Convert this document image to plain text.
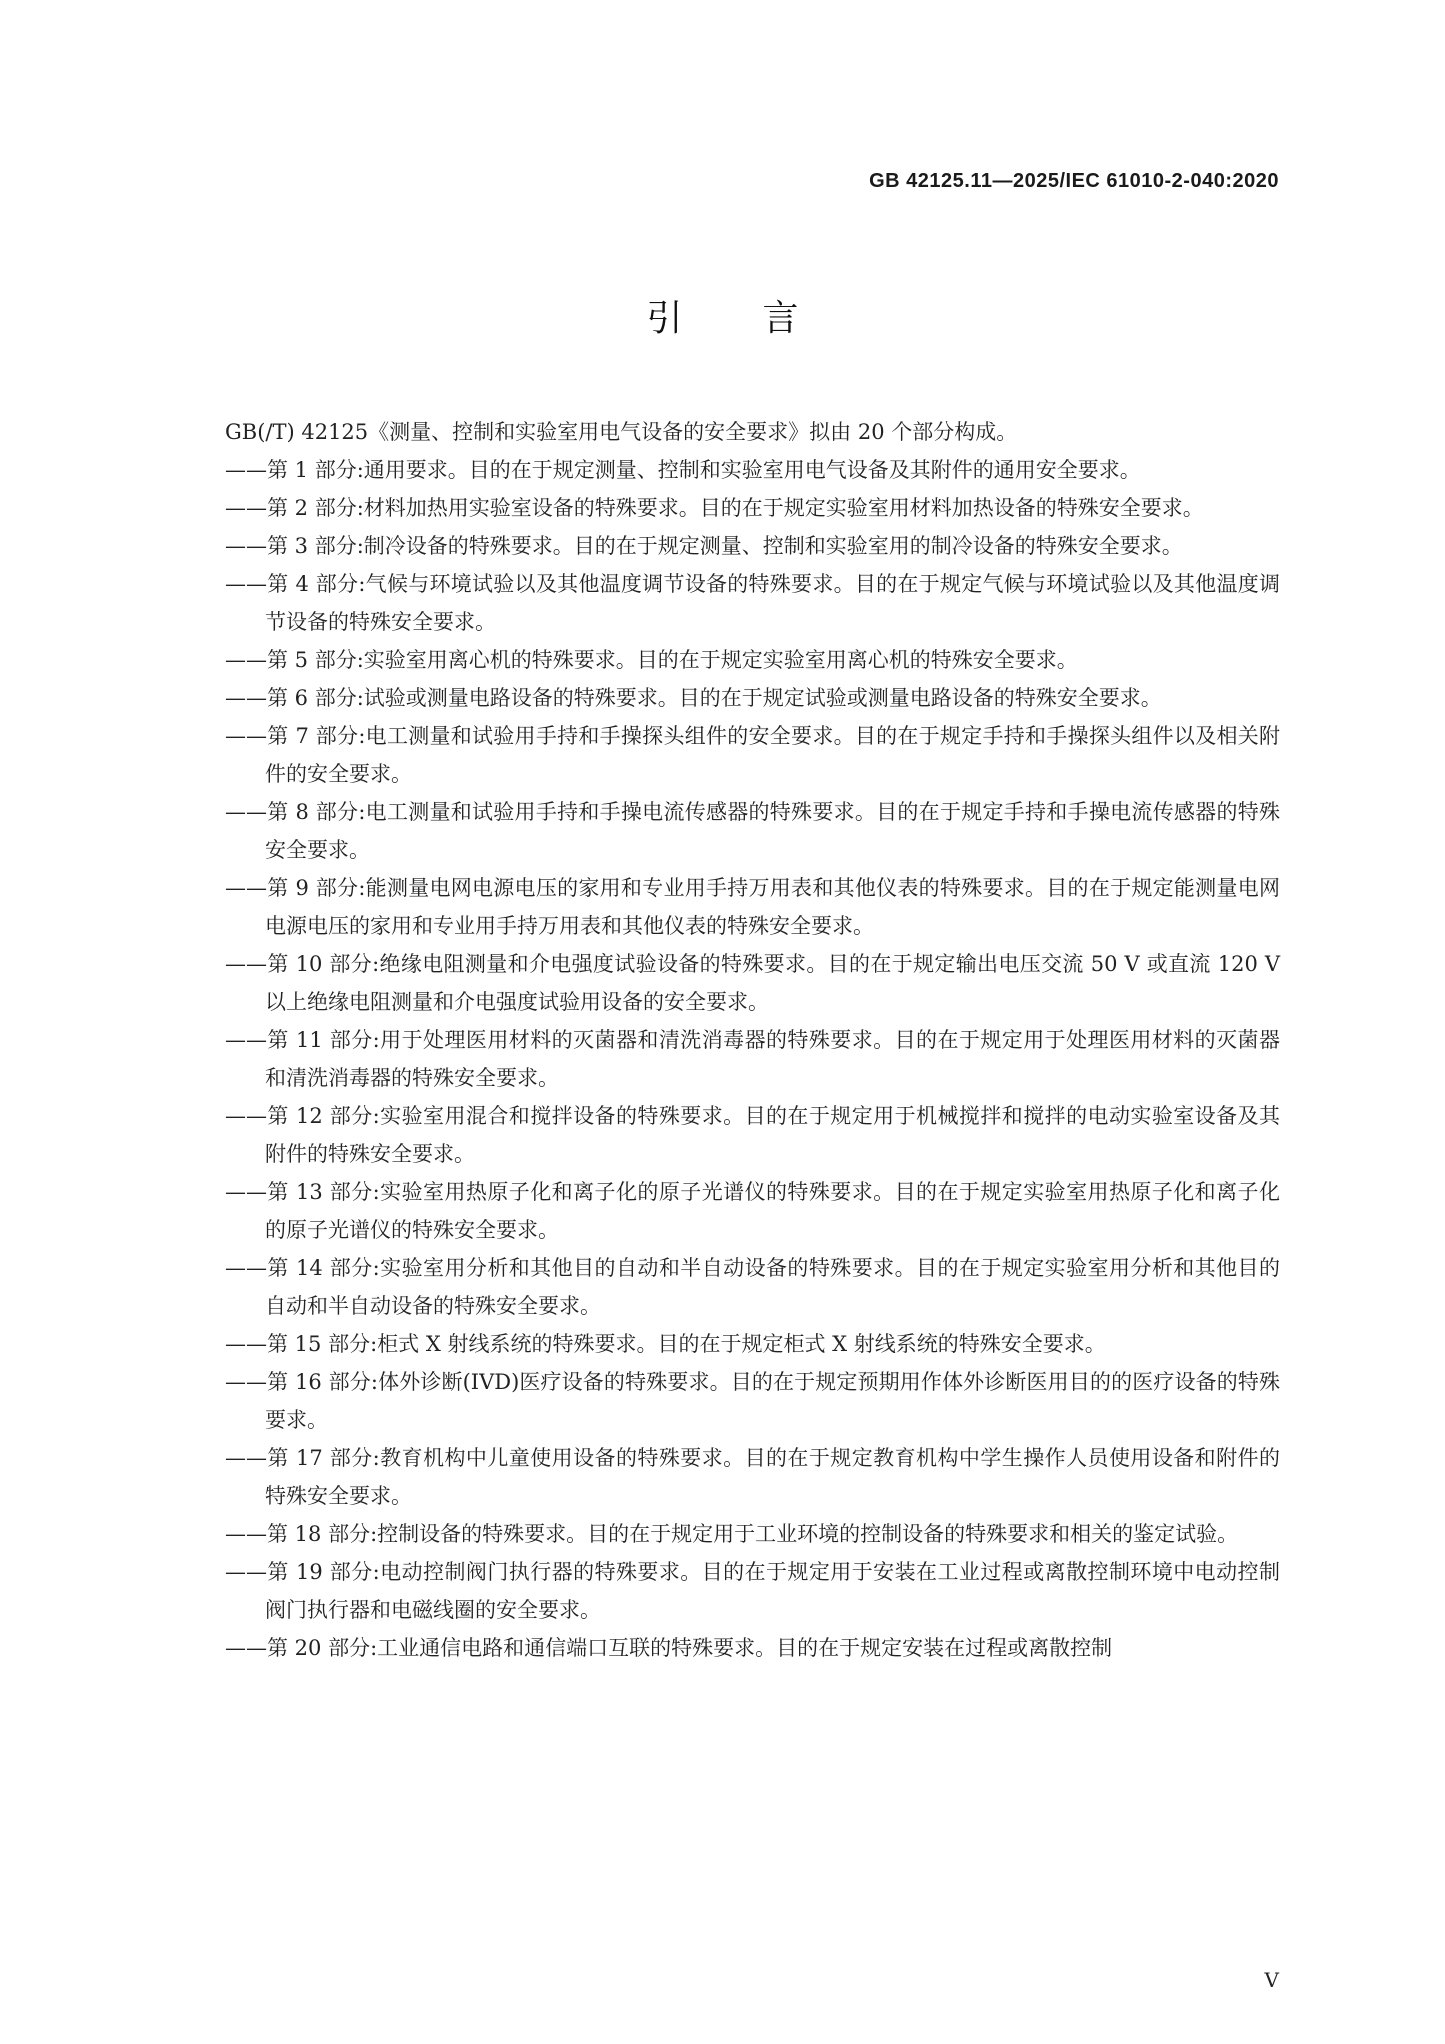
GB 42125.11—2025/IEC 61010-2-040:2020
引言

GB(/T) 42125《测量、控制和实验室用电气设备的安全要求》拟由 20 个部分构成。

——第 1 部分:通用要求。目的在于规定测量、控制和实验室用电气设备及其附件的通用安全要求。
——第 2 部分:材料加热用实验室设备的特殊要求。目的在于规定实验室用材料加热设备的特殊安全要求。
——第 3 部分:制冷设备的特殊要求。目的在于规定测量、控制和实验室用的制冷设备的特殊安全要求。
——第 4 部分:气候与环境试验以及其他温度调节设备的特殊要求。目的在于规定气候与环境试验以及其他温度调节设备的特殊安全要求。
——第 5 部分:实验室用离心机的特殊要求。目的在于规定实验室用离心机的特殊安全要求。
——第 6 部分:试验或测量电路设备的特殊要求。目的在于规定试验或测量电路设备的特殊安全要求。
——第 7 部分:电工测量和试验用手持和手操探头组件的安全要求。目的在于规定手持和手操探头组件以及相关附件的安全要求。
——第 8 部分:电工测量和试验用手持和手操电流传感器的特殊要求。目的在于规定手持和手操电流传感器的特殊安全要求。
——第 9 部分:能测量电网电源电压的家用和专业用手持万用表和其他仪表的特殊要求。目的在于规定能测量电网电源电压的家用和专业用手持万用表和其他仪表的特殊安全要求。
——第 10 部分:绝缘电阻测量和介电强度试验设备的特殊要求。目的在于规定输出电压交流 50 V 或直流 120 V 以上绝缘电阻测量和介电强度试验用设备的安全要求。
——第 11 部分:用于处理医用材料的灭菌器和清洗消毒器的特殊要求。目的在于规定用于处理医用材料的灭菌器和清洗消毒器的特殊安全要求。
——第 12 部分:实验室用混合和搅拌设备的特殊要求。目的在于规定用于机械搅拌和搅拌的电动实验室设备及其附件的特殊安全要求。
——第 13 部分:实验室用热原子化和离子化的原子光谱仪的特殊要求。目的在于规定实验室用热原子化和离子化的原子光谱仪的特殊安全要求。
——第 14 部分:实验室用分析和其他目的自动和半自动设备的特殊要求。目的在于规定实验室用分析和其他目的自动和半自动设备的特殊安全要求。
——第 15 部分:柜式 X 射线系统的特殊要求。目的在于规定柜式 X 射线系统的特殊安全要求。
——第 16 部分:体外诊断(IVD)医疗设备的特殊要求。目的在于规定预期用作体外诊断医用目的的医疗设备的特殊要求。
——第 17 部分:教育机构中儿童使用设备的特殊要求。目的在于规定教育机构中学生操作人员使用设备和附件的特殊安全要求。
——第 18 部分:控制设备的特殊要求。目的在于规定用于工业环境的控制设备的特殊要求和相关的鉴定试验。
——第 19 部分:电动控制阀门执行器的特殊要求。目的在于规定用于安装在工业过程或离散控制环境中电动控制阀门执行器和电磁线圈的安全要求。
——第 20 部分:工业通信电路和通信端口互联的特殊要求。目的在于规定安装在过程或离散控制
V
